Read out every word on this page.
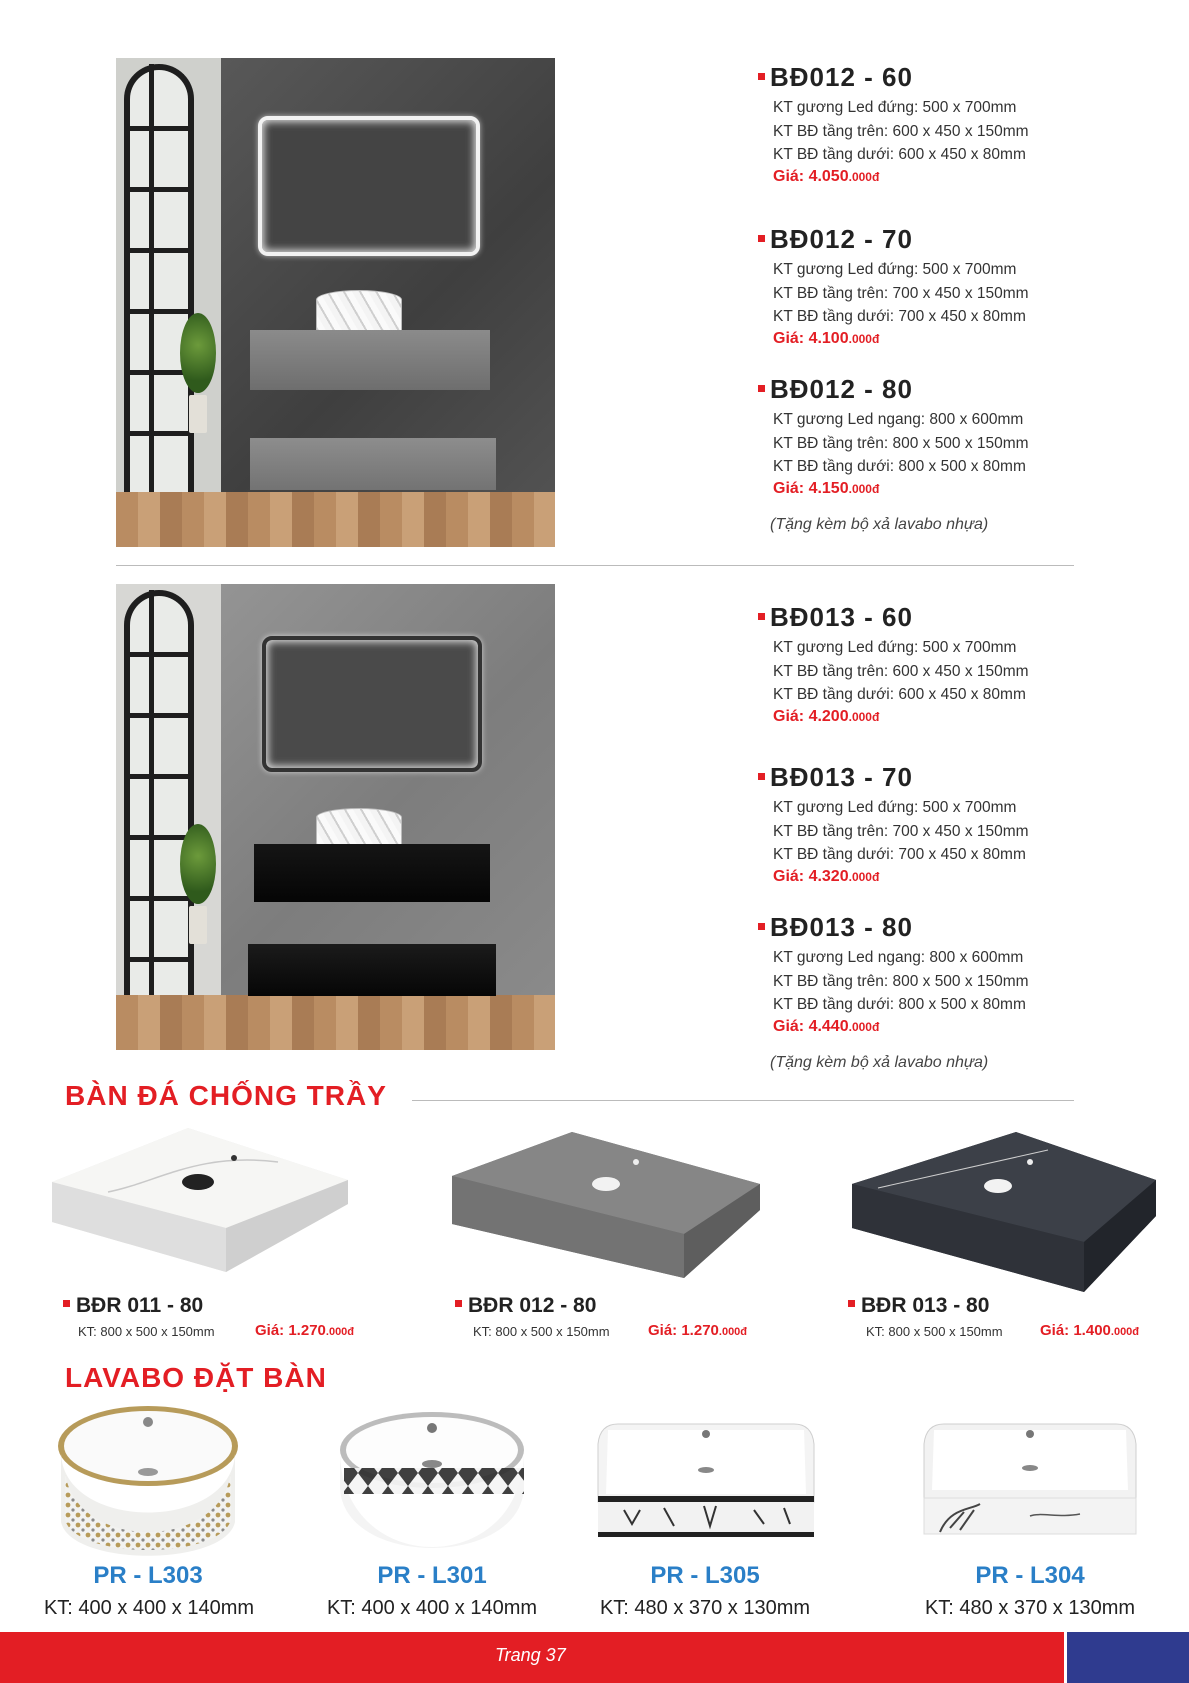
BĐ012 - 60
KT gương Led đứng: 500 x 700mm
KT BĐ tầng trên: 600 x 450 x 150mm
KT BĐ tầng dưới: 600 x 450 x 80mm
Giá: 4.050.000đ
BĐ012 - 70
KT gương Led đứng: 500 x 700mm
KT BĐ tầng trên: 700 x 450 x 150mm
KT BĐ tầng dưới: 700 x 450 x 80mm
Giá: 4.100.000đ
BĐ012 - 80
KT gương Led ngang: 800 x 600mm
KT BĐ tầng trên: 800 x 500 x 150mm
KT BĐ tầng dưới: 800 x 500 x 80mm
Giá: 4.150.000đ
(Tặng kèm bộ xả lavabo nhựa)
BĐ013 - 60
KT gương Led đứng: 500 x 700mm
KT BĐ tầng trên: 600 x 450 x 150mm
KT BĐ tầng dưới: 600 x 450 x 80mm
Giá: 4.200.000đ
BĐ013 - 70
KT gương Led đứng: 500 x 700mm
KT BĐ tầng trên: 700 x 450 x 150mm
KT BĐ tầng dưới: 700 x 450 x 80mm
Giá: 4.320.000đ
BĐ013 - 80
KT gương Led ngang: 800 x 600mm
KT BĐ tầng trên: 800 x 500 x 150mm
KT BĐ tầng dưới: 800 x 500 x 80mm
Giá: 4.440.000đ
(Tặng kèm bộ xả lavabo nhựa)
BÀN ĐÁ CHỐNG TRẦY
BĐR 011 - 80
KT: 800 x 500 x 150mm	Giá: 1.270.000đ
BĐR 012 - 80
KT: 800 x 500 x 150mm	Giá: 1.270.000đ
BĐR 013 - 80
KT: 800 x 500 x 150mm Giá: 1.400.000đ
LAVABO ĐẶT BÀN
PR - L303
KT: 400 x 400 x 140mm
PR - L301
KT: 400 x 400 x 140mm
PR - L305
KT: 480 x 370 x 130mm
PR - L304
KT: 480 x 370 x 130mm
Trang 37
